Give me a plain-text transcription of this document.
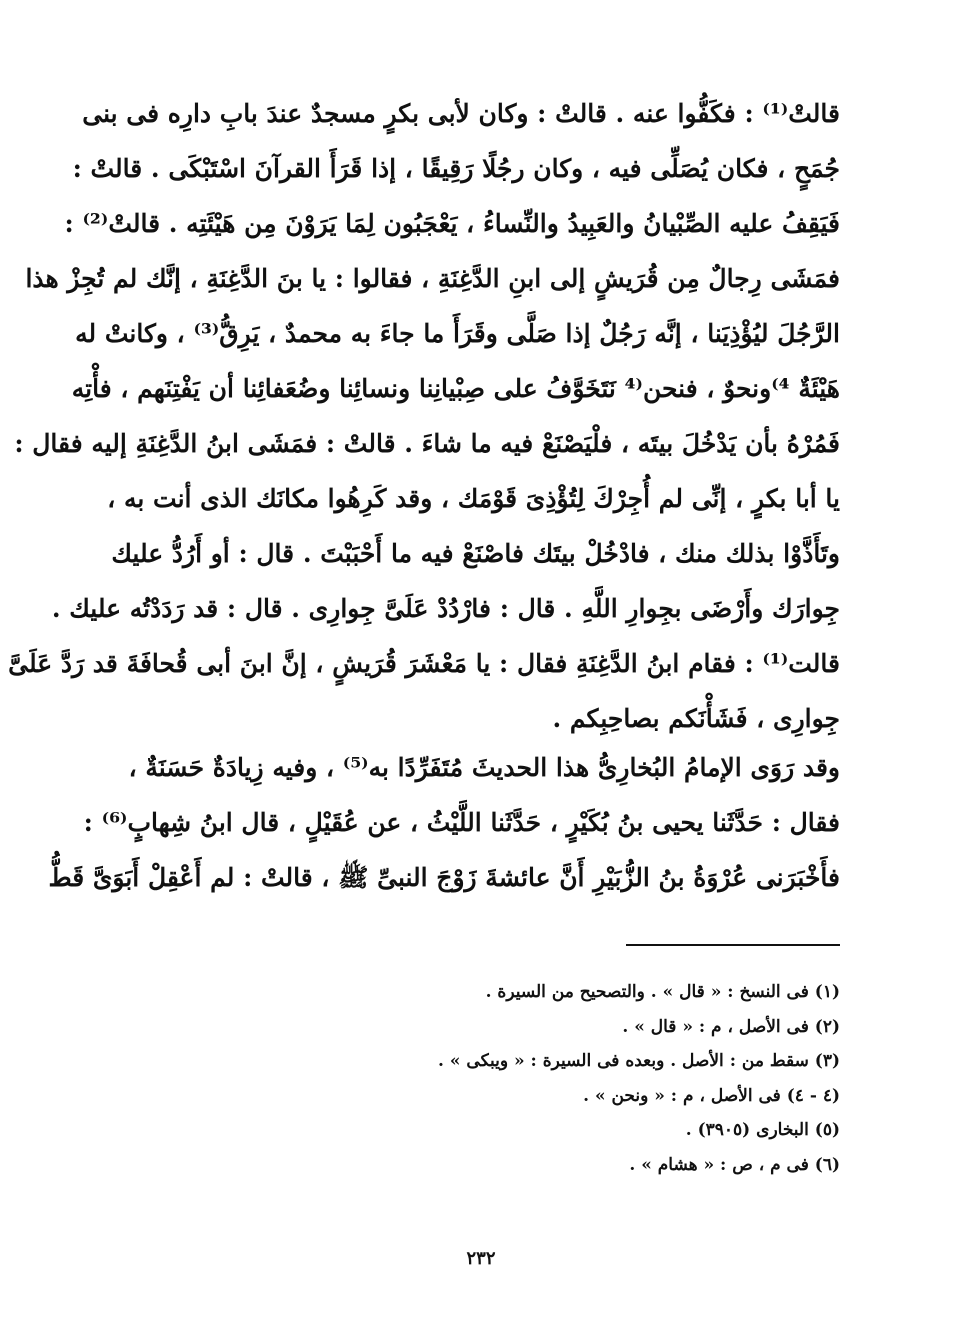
قالتْ⁽¹⁾ : فكَفُّوا عنه . قالتْ : وكان لأبى بكرٍ مسجدٌ عندَ بابِ دارِه فى بنى
جُمَحٍ ، فكان يُصَلِّى فيه ، وكان رجُلًا رَقِيقًا ، إذا قَرَأَ القرآنَ اسْتَبْكَى . قالتْ :
فَيَقِفُ عليه الصِّبْيانُ والعَبِيدُ والنِّساءُ ، يَعْجَبُون لِمَا يَرَوْنَ مِن هَيْئَتِه . قالتْ⁽²⁾ :
فمَشَى رِجالٌ مِن قُرَيشٍ إلى ابنِ الدَّغِنَةِ ، فقالوا : يا بنَ الدَّغِنَةِ ، إنَّك لم تُجِزْ هذا
الرَّجُلَ ليُؤْذِيَنا ، إنَّه رَجُلٌ إذا صَلَّى وقَرَأَ ما جاءَ به محمدٌ ، يَرِقُّ⁽³⁾ ، وكانتْ له
هَيْئَةٌ ⁴⁾ونحوٌ ، فنحن⁽⁴ نَتَخَوَّفُ على صِبْيانِنا ونسائِنا وضُعَفائِنا أن يَفْتِنَهم ، فأْتِه
فَمُرْهُ بأن يَدْخُلَ بيتَه ، فلْيَصْنَعْ فيه ما شاءَ . قالتْ : فمَشَى ابنُ الدَّغِنَةِ إليه فقال :
يا أبا بكرٍ ، إنِّى لم أُجِرْكَ لِتُؤْذِىَ قَوْمَك ، وقد كَرِهُوا مكانَك الذى أنت به ،
وتَأَذَّوْا بذلك منك ، فادْخُلْ بيتَك فاصْنَعْ فيه ما أَحْبَبْتَ . قال : أو أَرُدُّ عليك
جِوارَك وأَرْضَى بجِوارِ اللَّهِ . قال : فارْدُدْ عَلَىَّ جِوارِى . قال : قد رَدَدْتُه عليك .
قالت⁽¹⁾ : فقام ابنُ الدَّغِنَةِ فقال : يا مَعْشَرَ قُرَيشٍ ، إنَّ ابنَ أبى قُحافَةَ قد رَدَّ عَلَىَّ
جِوارِى ، فَشَأْنَكم بصاحِبِكم .
وقد رَوَى الإمامُ البُخارِىُّ هذا الحديثَ مُتَفَرِّدًا به⁽⁵⁾ ، وفيه زِيادَةٌ حَسَنَةٌ ،
فقال : حَدَّثَنا يحيى بنُ بُكَيْرٍ ، حَدَّثَنا اللَّيْثُ ، عن عُقَيْلٍ ، قال ابنُ شِهابٍ⁽⁶⁾ :
فأَخْبَرَنى عُرْوَةُ بنُ الزُّبَيْرِ أَنَّ عائشةَ زَوْجَ النبىِّ ﷺ ، قالتْ : لم أَعْقِلْ أَبَوَىَّ قَطُّ
(١) فى النسخ : « قال » . والتصحيح من السيرة .
(٢) فى الأصل ، م : « قال » .
(٣) سقط من : الأصل . وبعده فى السيرة : « ويبكى » .
(٤ - ٤) فى الأصل ، م : « ونحن » .
(٥) البخارى (٣٩٠٥) .
(٦) فى م ، ص : « هشام » .
٢٣٢
